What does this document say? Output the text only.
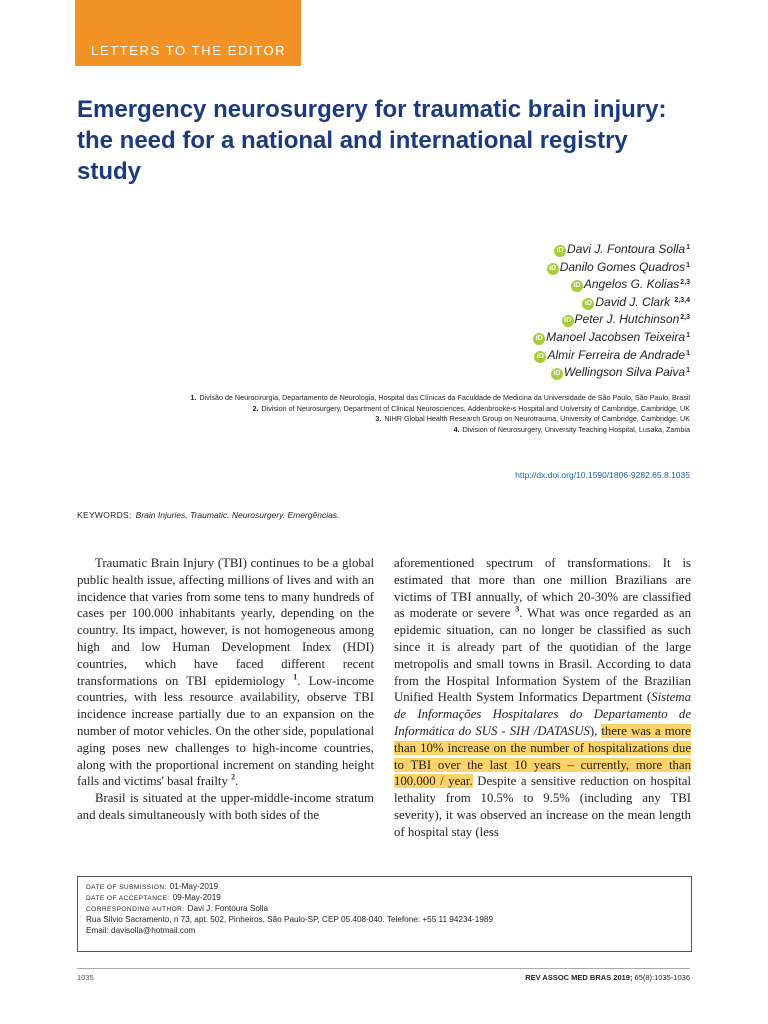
LETTERS TO THE EDITOR
Emergency neurosurgery for traumatic brain injury: the need for a national and international registry study
iD Davi J. Fontoura Solla$^1$
iD Danilo Gomes Quadros$^1$
iD Angelos G. Kolias$^{2,3}$
iD David J. Clark $^{2,3,4}$
iD Peter J. Hutchinson$^{2,3}$
iD Manoel Jacobsen Teixeira$^1$
iD Almir Ferreira de Andrade$^1$
iD Wellingson Silva Paiva$^1$
1. Divisão de Neurocirurgia, Departamento de Neurologia, Hospital das Clínicas da Faculdade de Medicina da Universidade de São Paulo, São Paulo, Brasil
2. Division of Neurosurgery, Department of Clinical Neurosciences, Addenbrooke›s Hospital and University of Cambridge, Cambridge, UK
3. NIHR Global Health Research Group on Neurotrauma, University of Cambridge, Cambridge, UK
4. Division of Neurosurgery, University Teaching Hospital, Lusaka, Zambia
http://dx.doi.org/10.1590/1806-9282.65.8.1035
KEYWORDS: Brain Injuries, Traumatic. Neurosurgery. Emergências.

Traumatic Brain Injury (TBI) continues to be a global public health issue, affecting millions of lives and with an incidence that varies from some tens to many hundreds of cases per 100.000 inhabitants yearly, depending on the country. Its impact, however, is not homogeneous among high and low Human Development Index (HDI) countries, which have faced different recent transformations on TBI epidemiology $^1$. Low-income countries, with less resource availability, observe TBI incidence increase partially due to an expansion on the number of motor vehicles. On the other side, populational aging poses new challenges to high-income countries, along with the proportional increment on standing height falls and victims' basal frailty $^2$.

Brasil is situated at the upper-middle-income stratum and deals simultaneously with both sides of the

aforementioned spectrum of transformations. It is estimated that more than one million Brazilians are victims of TBI annually, of which 20-30% are classified as moderate or severe $^3$. What was once regarded as an epidemic situation, can no longer be classified as such since it is already part of the quotidian of the large metropolis and small towns in Brasil. According to data from the Hospital Information System of the Brazilian Unified Health System Informatics Department (Sistema de Informações Hospitalares do Departamento de Informática do SUS - SIH /DATASUS), there was a more than 10% increase on the number of hospitalizations due to TBI over the last 10 years – currently, more than 100.000 / year. Despite a sensitive reduction on hospital lethality from 10.5% to 9.5% (including any TBI severity), it was observed an increase on the mean length of hospital stay (less

DATE OF SUBMISSION: 01-May-2019
DATE OF ACCEPTANCE: 09-May-2019
CORRESPONDING AUTHOR: Davi J. Fontoura Solla
Rua Silvio Sacramento, n 73, apt. 502, Pinheiros, São Paulo-SP, CEP 05.408-040. Telefone: +55 11 94234-1989
Email: davisolla@hotmail.com
1035	REV ASSOC MED BRAS 2019; 65(8):1035-1036
